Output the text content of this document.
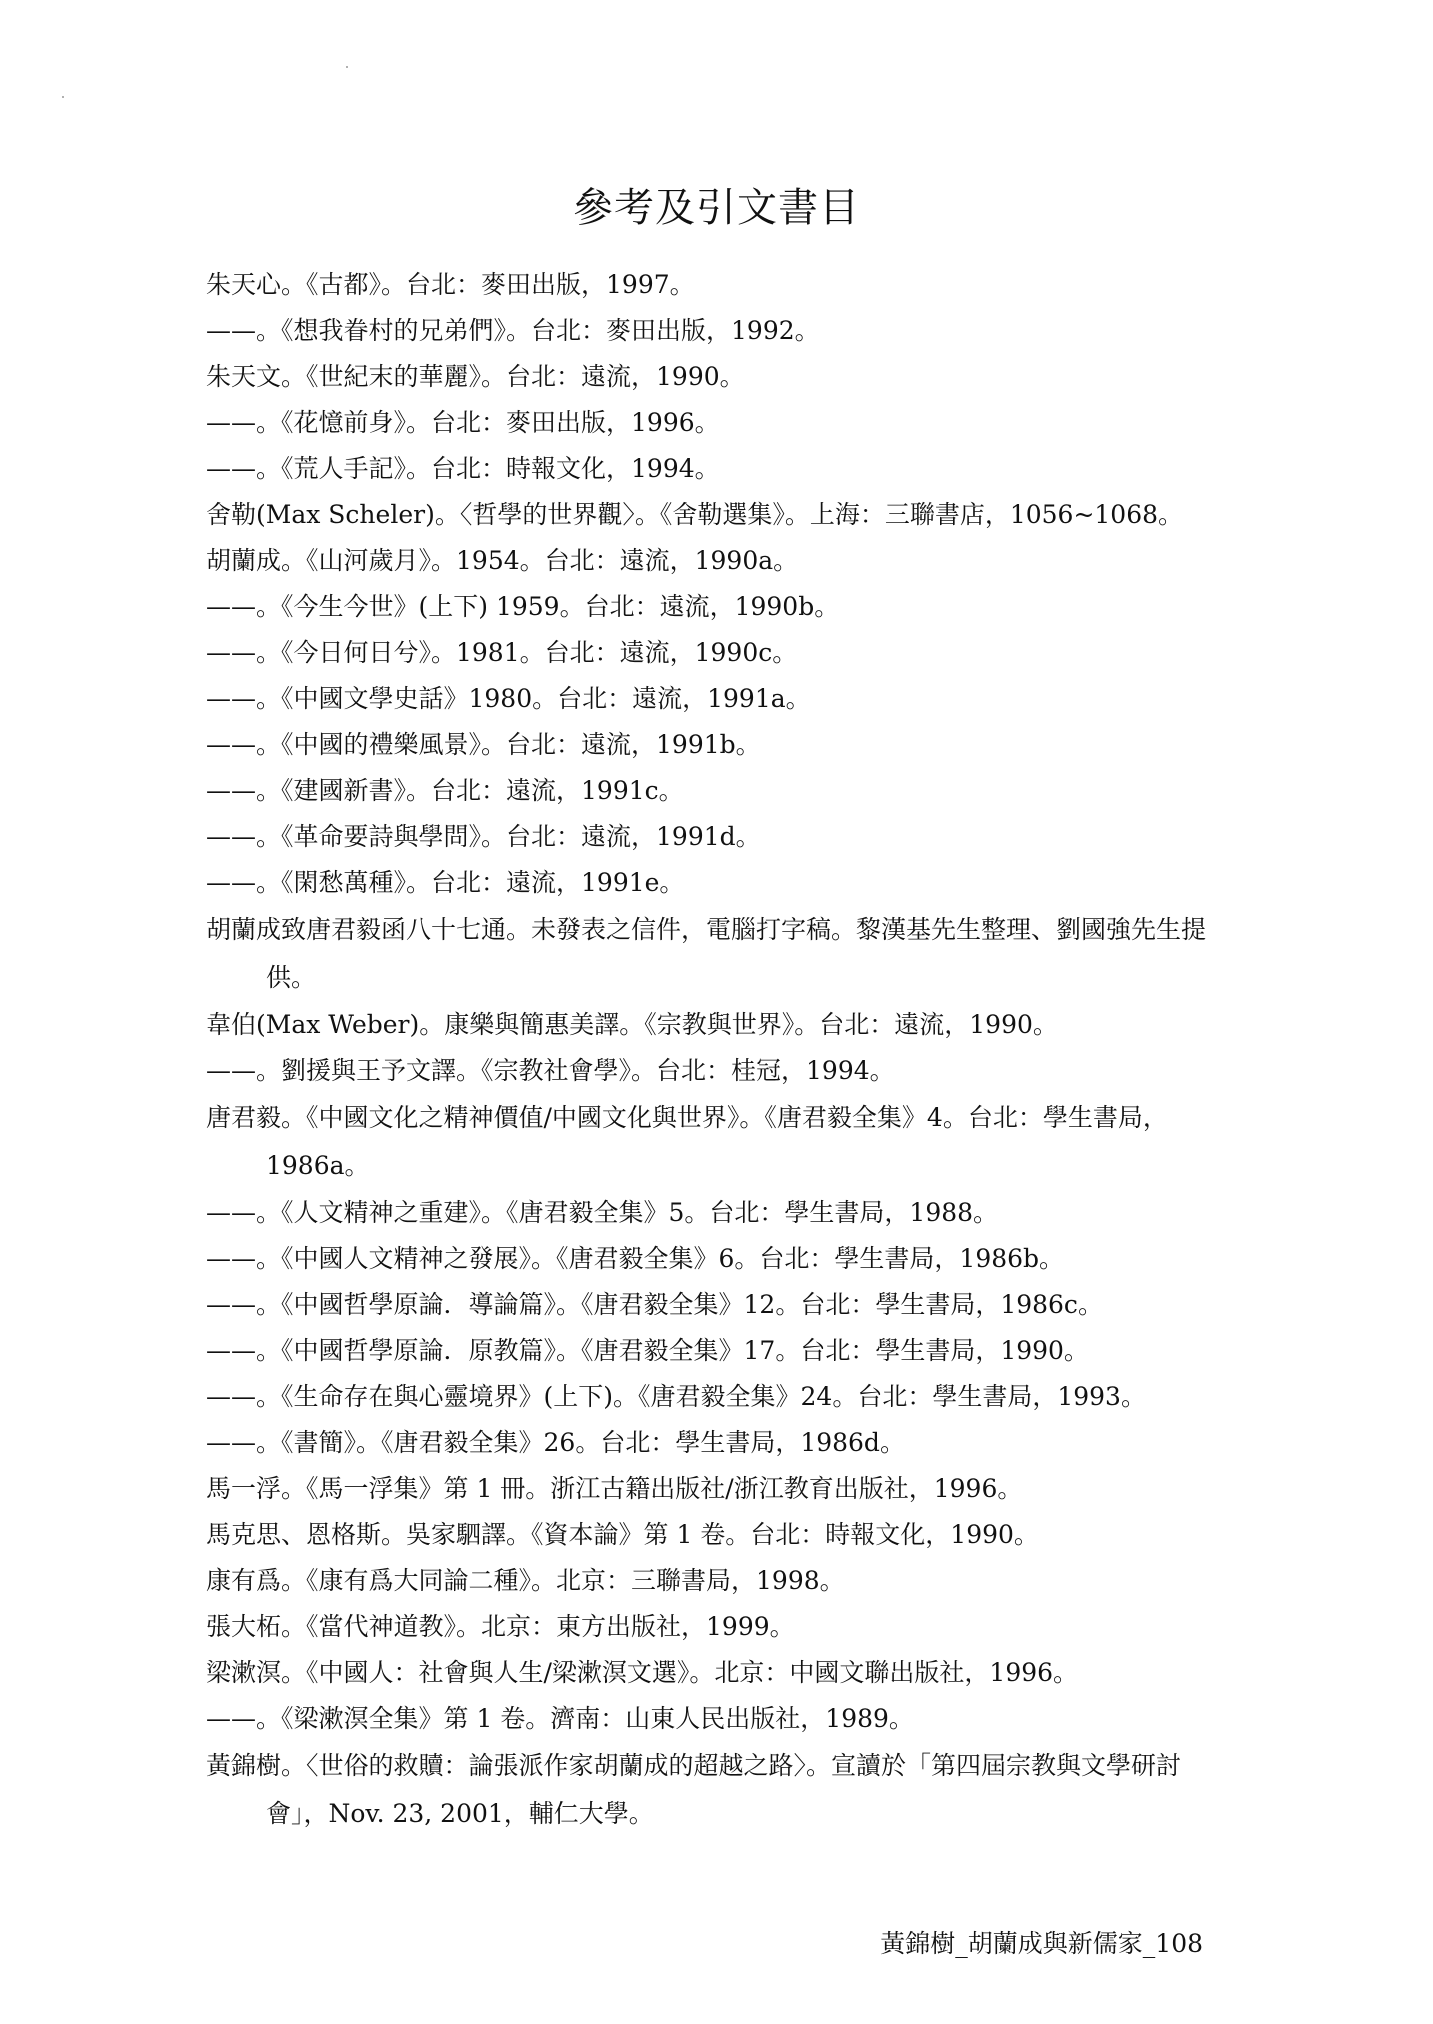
參考及引文書目

朱天心。《古都》。台北：麥田出版，1997。

——。《想我眷村的兄弟們》。台北：麥田出版，1992。

朱天文。《世紀末的華麗》。台北：遠流，1990。

——。《花憶前身》。台北：麥田出版，1996。

——。《荒人手記》。台北：時報文化，1994。

舍勒(Max Scheler)。〈哲學的世界觀〉。《舍勒選集》。上海：三聯書店，1056~1068。

胡蘭成。《山河歲月》。1954。台北：遠流，1990a。

——。《今生今世》(上下) 1959。台北：遠流，1990b。

——。《今日何日兮》。1981。台北：遠流，1990c。

——。《中國文學史話》1980。台北：遠流，1991a。

——。《中國的禮樂風景》。台北：遠流，1991b。

——。《建國新書》。台北：遠流，1991c。

——。《革命要詩與學問》。台北：遠流，1991d。

——。《閑愁萬種》。台北：遠流，1991e。

胡蘭成致唐君毅函八十七通。未發表之信件，電腦打字稿。黎漢基先生整理、劉國強先生提供。

韋伯(Max Weber)。康樂與簡惠美譯。《宗教與世界》。台北：遠流，1990。

——。劉援與王予文譯。《宗教社會學》。台北：桂冠，1994。

唐君毅。《中國文化之精神價值/中國文化與世界》。《唐君毅全集》4。台北：學生書局，1986a。

——。《人文精神之重建》。《唐君毅全集》5。台北：學生書局，1988。

——。《中國人文精神之發展》。《唐君毅全集》6。台北：學生書局，1986b。

——。《中國哲學原論．導論篇》。《唐君毅全集》12。台北：學生書局，1986c。

——。《中國哲學原論．原教篇》。《唐君毅全集》17。台北：學生書局，1990。

——。《生命存在與心靈境界》(上下)。《唐君毅全集》24。台北：學生書局，1993。

——。《書簡》。《唐君毅全集》26。台北：學生書局，1986d。

馬一浮。《馬一浮集》第 1 冊。浙江古籍出版社/浙江教育出版社，1996。

馬克思、恩格斯。吳家駟譯。《資本論》第 1 卷。台北：時報文化，1990。

康有爲。《康有爲大同論二種》。北京：三聯書局，1998。

張大柘。《當代神道教》。北京：東方出版社，1999。

梁漱溟。《中國人：社會與人生/梁漱溟文選》。北京：中國文聯出版社，1996。

——。《梁漱溟全集》第 1 卷。濟南：山東人民出版社，1989。

黃錦樹。〈世俗的救贖：論張派作家胡蘭成的超越之路〉。宣讀於「第四屆宗教與文學研討會」，Nov. 23, 2001，輔仁大學。

黃錦樹_胡蘭成與新儒家_108
